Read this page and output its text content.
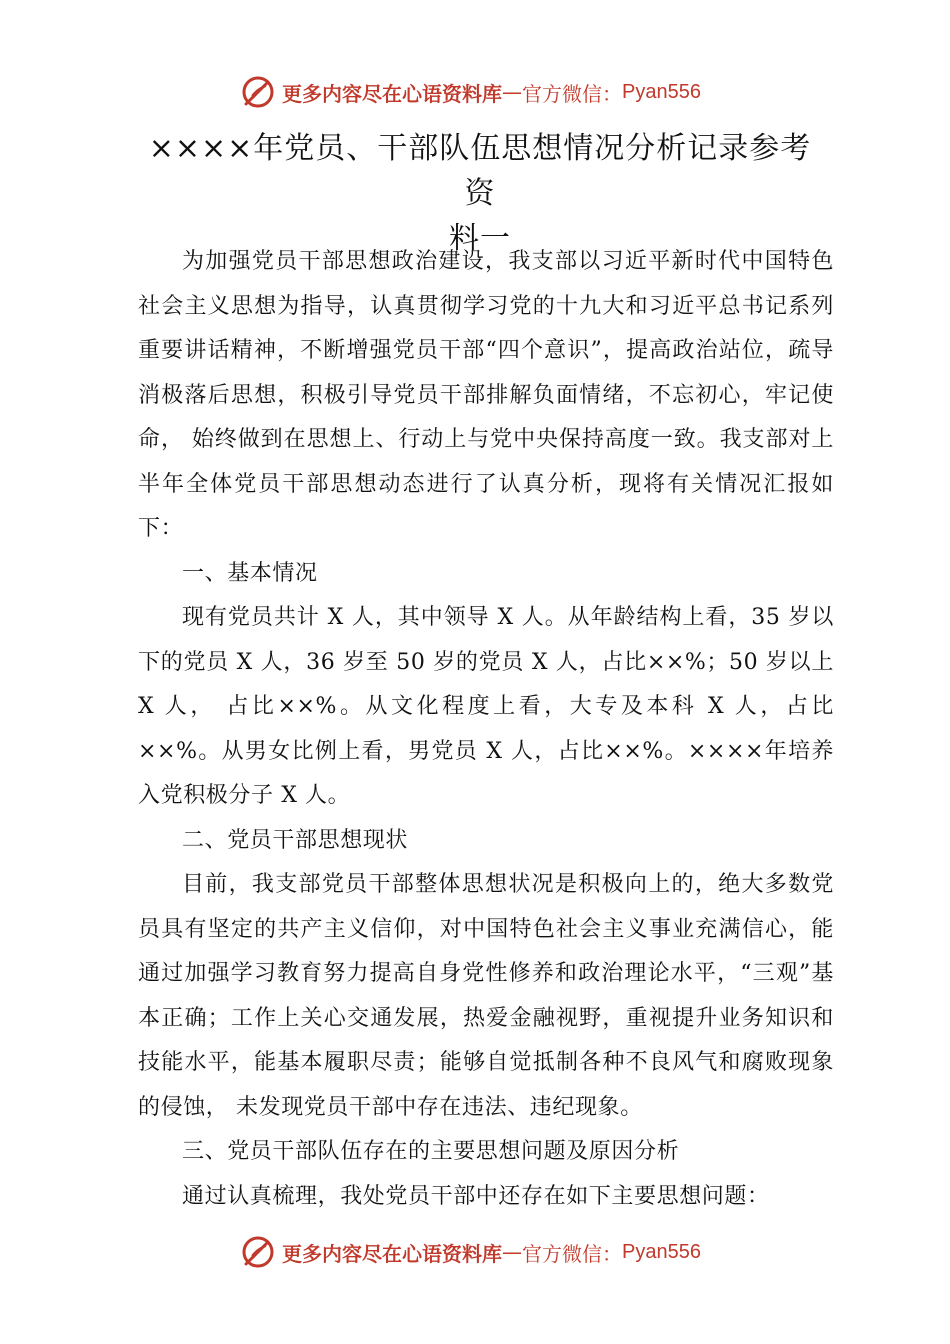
更多内容尽在心语资料库 — 官方微信 ： Pyan556
××××年党员、干部队伍思想情况分析记录参考资
料一

为加强党员干部思想政治建设，我支部以习近平新时代中国特色社会主义思想为指导，认真贯彻学习党的十九大和习近平总书记系列重要讲话精神，不断增强党员干部“四个意识”，提高政治站位，疏导消极落后思想，积极引导党员干部排解负面情绪，不忘初心，牢记使命， 始终做到在思想上、行动上与党中央保持高度一致。我支部对上半年全体党员干部思想动态进行了认真分析，现将有关情况汇报如下：

一、基本情况

现有党员共计 X 人，其中领导 X 人。从年龄结构上看，35 岁以下的党员 X 人，36 岁至 50 岁的党员 X 人，占比××%；50 岁以上 X 人， 占比××%。从文化程度上看，大专及本科 X 人，占比××%。从男女比例上看，男党员 X 人，占比××%。××××年培养入党积极分子 X 人。

二、党员干部思想现状

目前，我支部党员干部整体思想状况是积极向上的，绝大多数党员具有坚定的共产主义信仰，对中国特色社会主义事业充满信心，能通过加强学习教育努力提高自身党性修养和政治理论水平，“三观”基本正确；工作上关心交通发展，热爱金融视野，重视提升业务知识和技能水平，能基本履职尽责；能够自觉抵制各种不良风气和腐败现象的侵蚀， 未发现党员干部中存在违法、违纪现象。

三、党员干部队伍存在的主要思想问题及原因分析

通过认真梳理，我处党员干部中还存在如下主要思想问题：

更多内容尽在心语资料库 — 官方微信 ： Pyan556
